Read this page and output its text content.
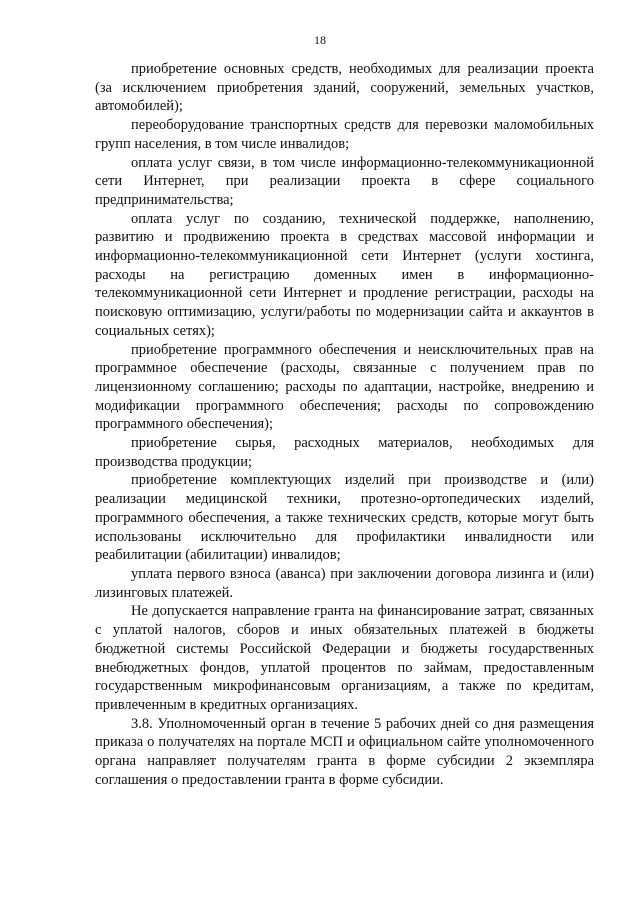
18

приобретение основных средств, необходимых для реализации проекта (за исключением приобретения зданий, сооружений, земельных участков, автомобилей);

переоборудование транспортных средств для перевозки маломобильных групп населения, в том числе инвалидов;

оплата услуг связи, в том числе информационно-телекоммуникационной сети Интернет, при реализации проекта в сфере социального предпринимательства;

оплата услуг по созданию, технической поддержке, наполнению, развитию и продвижению проекта в средствах массовой информации и информационно-телекоммуникационной сети Интернет (услуги хостинга, расходы на регистрацию доменных имен в информационно-телекоммуникационной сети Интернет и продление регистрации, расходы на поисковую оптимизацию, услуги/работы по модернизации сайта и аккаунтов в социальных сетях);

приобретение программного обеспечения и неисключительных прав на программное обеспечение (расходы, связанные с получением прав по лицензионному соглашению; расходы по адаптации, настройке, внедрению и модификации программного обеспечения; расходы по сопровождению программного обеспечения);

приобретение сырья, расходных материалов, необходимых для производства продукции;

приобретение комплектующих изделий при производстве и (или) реализации медицинской техники, протезно-ортопедических изделий, программного обеспечения, а также технических средств, которые могут быть использованы исключительно для профилактики инвалидности или реабилитации (абилитации) инвалидов;

уплата первого взноса (аванса) при заключении договора лизинга и (или) лизинговых платежей.

Не допускается направление гранта на финансирование затрат, связанных с уплатой налогов, сборов и иных обязательных платежей в бюджеты бюджетной системы Российской Федерации и бюджеты государственных внебюджетных фондов, уплатой процентов по займам, предоставленным государственным микрофинансовым организациям, а также по кредитам, привлеченным в кредитных организациях.

3.8. Уполномоченный орган в течение 5 рабочих дней со дня размещения приказа о получателях на портале МСП и официальном сайте уполномоченного органа направляет получателям гранта в форме субсидии 2 экземпляра соглашения о предоставлении гранта в форме субсидии.
